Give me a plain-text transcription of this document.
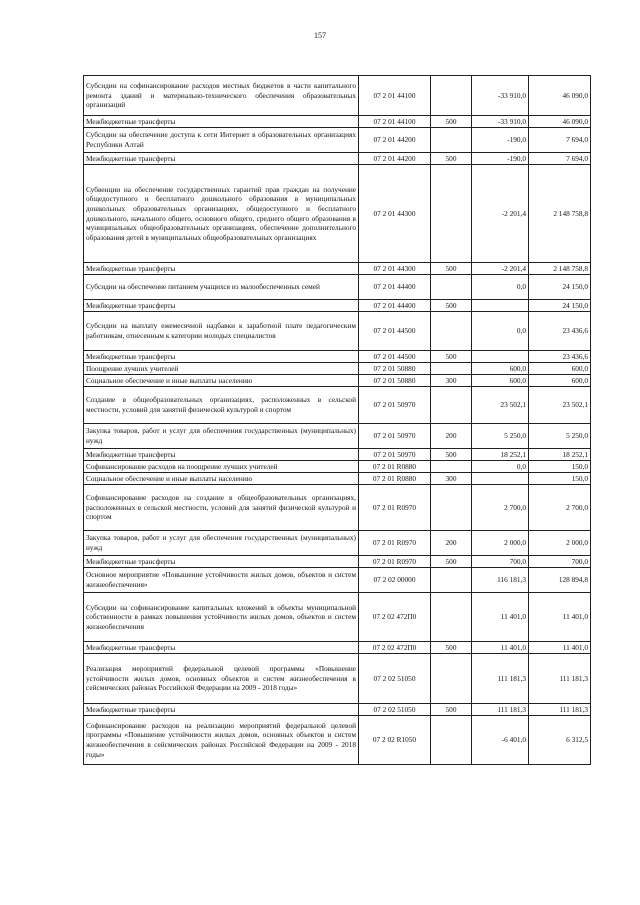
157
Субсидии на софинансирование расходов местных бюджетов в части капитального ремонта зданий и материально-технического обеспечения образовательных организаций	07 2 01 44100		-33 910,0	46 090,0
Межбюджетные трансферты	07 2 01 44100	500	-33 910,0	46 090,0
Субсидии на обеспечение доступа к сети Интернет в образовательных организациях Республики Алтай	07 2 01 44200		-190,0	7 694,0
Межбюджетные трансферты	07 2 01 44200	500	-190,0	7 694,0
Субвенции на обеспечение государственных гарантий прав граждан на получение общедоступного и бесплатного дошкольного образования в муниципальных дошкольных образовательных организациях, общедоступного и бесплатного дошкольного, начального общего, основного общего, среднего общего образования в муниципальных общеобразовательных организациях, обеспечение дополнительного образования детей в муниципальных общеобразовательных организациях	07 2 01 44300		-2 201,4	2 148 758,8
Межбюджетные трансферты	07 2 01 44300	500	-2 201,4	2 148 758,8
Субсидии на обеспечение питанием учащихся из малообеспеченных семей	07 2 01 44400		0,0	24 150,0
Межбюджетные трансферты	07 2 01 44400	500		24 150,0
Субсидии на выплату ежемесячной надбавки к заработной плате педагогическим работникам, отнесенным к категории молодых специалистов	07 2 01 44500		0,0	23 436,6
Межбюджетные трансферты	07 2 01 44500	500		23 436,6
Поощрение лучших учителей	07 2 01 50880		600,0	600,0
Социальное обеспечение и иные выплаты населению	07 2 01 50880	300	600,0	600,0
Создание в общеобразовательных организациях, расположенных в сельской местности, условий для занятий физической культурой и спортом	07 2 01 50970		23 502,1	23 502,1
Закупка товаров, работ и услуг для обеспечения государственных (муниципальных) нужд	07 2 01 50970	200	5 250,0	5 250,0
Межбюджетные трансферты	07 2 01 50970	500	18 252,1	18 252,1
Софинансирование расходов на поощрение лучших учителей	07 2 01 R0880		0,0	150,0
Социальное обеспечение и иные выплаты населению	07 2 01 R0880	300		150,0
Софинансирование расходов на создание в общеобразовательных организациях, расположенных в сельской местности, условий для занятий физической культурой и спортом	07 2 01 R0970		2 700,0	2 700,0
Закупка товаров, работ и услуг для обеспечения государственных (муниципальных) нужд	07 2 01 R0970	200	2 000,0	2 000,0
Межбюджетные трансферты	07 2 01 R0970	500	700,0	700,0
Основное мероприятие «Повышение устойчивости жилых домов, объектов и систем жизнеобеспечения»	07 2 02 00000		116 181,3	128 894,8
Субсидии на софинансирование капитальных вложений в объекты муниципальной собственности в рамках повышения устойчивости жилых домов, объектов и систем жизнеобеспечения	07 2 02 472П0		11 401,0	11 401,0
Межбюджетные трансферты	07 2 02 472П0	500	11 401,0	11 401,0
Реализация мероприятий федеральной целевой программы «Повышение устойчивости жилых домов, основных объектов и систем жизнеобеспечения в сейсмических районах Российской Федерации на 2009 - 2018 годы»	07 2 02 51050		111 181,3	111 181,3
Межбюджетные трансферты	07 2 02 51050	500	111 181,3	111 181,3
Софинансирование расходов на реализацию мероприятий федеральной целевой программы «Повышение устойчивости жилых домов, основных объектов и систем жизнеобеспечения в сейсмических районах Российской Федерации на 2009 - 2018 годы»	07 2 02 R1050		-6 401,0	6 312,5
